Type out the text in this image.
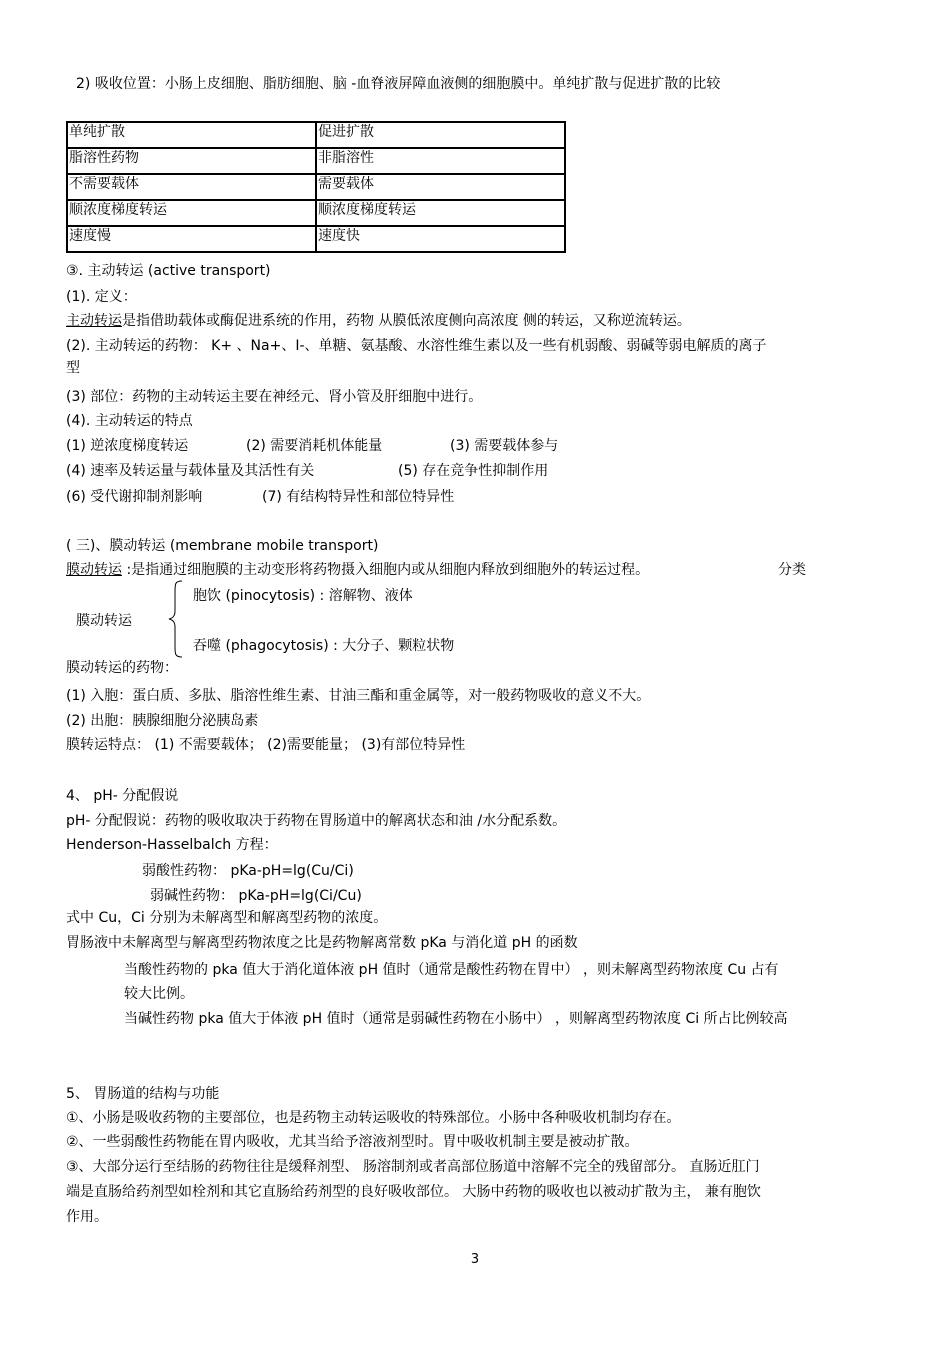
2) 吸收位置：小肠上皮细胞、脂肪细胞、脑 -血脊液屏障血液侧的细胞膜中。单纯扩散与促进扩散的比较
单纯扩散	促进扩散
脂溶性药物	非脂溶性
不需要载体	需要载体
顺浓度梯度转运	顺浓度梯度转运
速度慢	速度快
③. 主动转运 (active transport)
(1). 定义：
主动转运是指借助载体或酶促进系统的作用，药物 从膜低浓度侧向高浓度 侧的转运，又称逆流转运。
(2). 主动转运的药物： K+ 、Na+、I-、单糖、氨基酸、水溶性维生素以及一些有机弱酸、弱碱等弱电解质的离子
型
(3) 部位：药物的主动转运主要在神经元、肾小管及肝细胞中进行。
(4). 主动转运的特点
(1) 逆浓度梯度转运	(2) 需要消耗机体能量	(3) 需要载体参与
(4) 速率及转运量与载体量及其活性有关	(5) 存在竞争性抑制作用
(6) 受代谢抑制剂影响	(7) 有结构特异性和部位特异性
( 三)、膜动转运 (membrane mobile transport)
膜动转运 :是指通过细胞膜的主动变形将药物摄入细胞内或从细胞内释放到细胞外的转运过程。	分类
膜动转运
胞饮 (pinocytosis) : 溶解物、液体
吞噬 (phagocytosis) : 大分子、颗粒状物
膜动转运的药物：
(1) 入胞：蛋白质、多肽、脂溶性维生素、甘油三酯和重金属等，对一般药物吸收的意义不大。
(2) 出胞：胰腺细胞分泌胰岛素
膜转运特点： (1) 不需要载体； (2)需要能量； (3)有部位特异性
4、 pH- 分配假说
pH- 分配假说：药物的吸收取决于药物在胃肠道中的解离状态和油 /水分配系数。
Henderson-Hasselbalch 方程：
弱酸性药物： pKa-pH=lg(Cu/Ci)
弱碱性药物： pKa-pH=lg(Ci/Cu)
式中 Cu，Ci 分别为未解离型和解离型药物的浓度。
胃肠液中未解离型与解离型药物浓度之比是药物解离常数 pKa 与消化道 pH 的函数
当酸性药物的 pka 值大于消化道体液 pH 值时（通常是酸性药物在胃中） ，则未解离型药物浓度 Cu 占有
较大比例。
当碱性药物 pka 值大于体液 pH 值时（通常是弱碱性药物在小肠中） ，则解离型药物浓度 Ci 所占比例较高
5、 胃肠道的结构与功能
①、小肠是吸收药物的主要部位，也是药物主动转运吸收的特殊部位。小肠中各种吸收机制均存在。
②、一些弱酸性药物能在胃内吸收，尤其当给予溶液剂型时。胃中吸收机制主要是被动扩散。
③、大部分运行至结肠的药物往往是缓释剂型、 肠溶制剂或者高部位肠道中溶解不完全的残留部分。 直肠近肛门
端是直肠给药剂型如栓剂和其它直肠给药剂型的良好吸收部位。 大肠中药物的吸收也以被动扩散为主， 兼有胞饮
作用。
3
